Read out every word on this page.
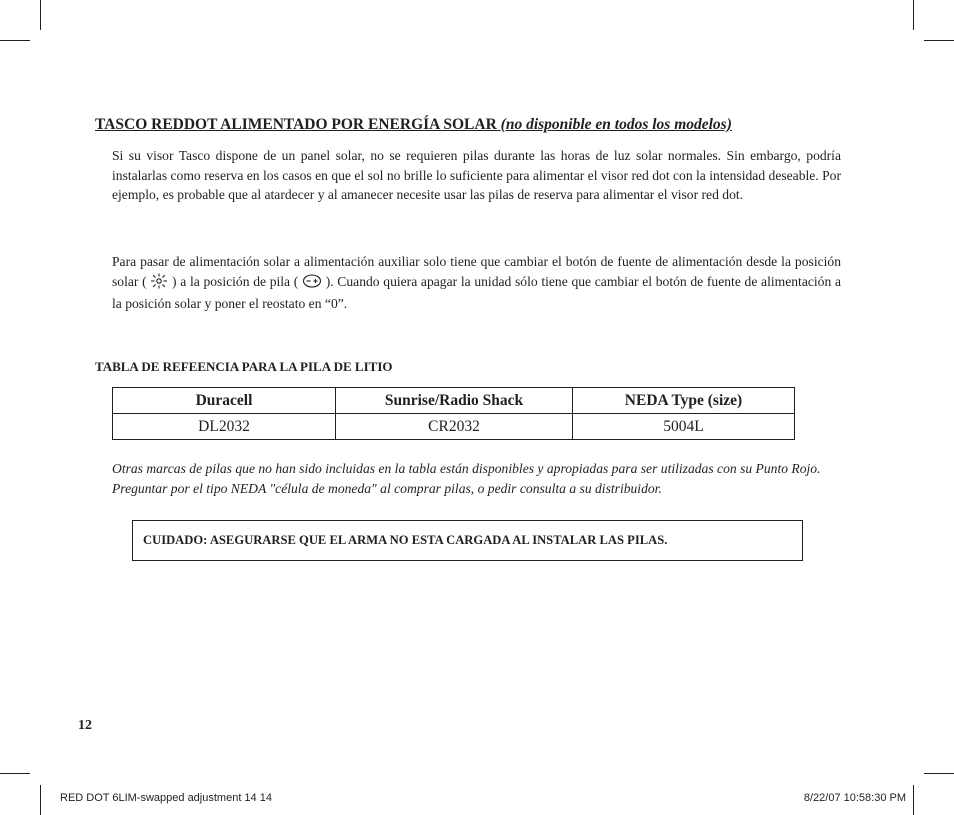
TASCO REDDOT ALIMENTADO POR ENERGÍA SOLAR (no disponible en todos los modelos)

Si su visor Tasco dispone de un panel solar, no se requieren pilas durante las horas de luz solar normales. Sin embargo, podría instalarlas como reserva en los casos en que el sol no brille lo suficiente para alimentar el visor red dot con la intensidad deseable. Por ejemplo, es probable que al atardecer y al amanecer necesite usar las pilas de reserva para alimentar el visor red dot.

Para pasar de alimentación solar a alimentación auxiliar solo tiene que cambiar el botón de fuente de alimentación desde la posición solar ( ) a la posición de pila ( ). Cuando quiera apagar la unidad sólo tiene que cambiar el botón de fuente de alimentación a la posición solar y poner el reostato en “0”.

TABLA DE REFEENCIA PARA LA PILA DE LITIO
Duracell	Sunrise/Radio Shack	NEDA Type (size)
DL2032	CR2032	5004L

Otras marcas de pilas que no han sido incluidas en la tabla están disponibles y apropiadas para ser utilizadas con su Punto Rojo. Preguntar por el tipo NEDA "célula de moneda" al comprar pilas, o pedir consulta a su distribuidor.

CUIDADO: ASEGURARSE QUE EL ARMA NO ESTA CARGADA AL INSTALAR LAS PILAS.
12
RED DOT 6LIM-swapped adjustment 14 14	8/22/07 10:58:30 PM
